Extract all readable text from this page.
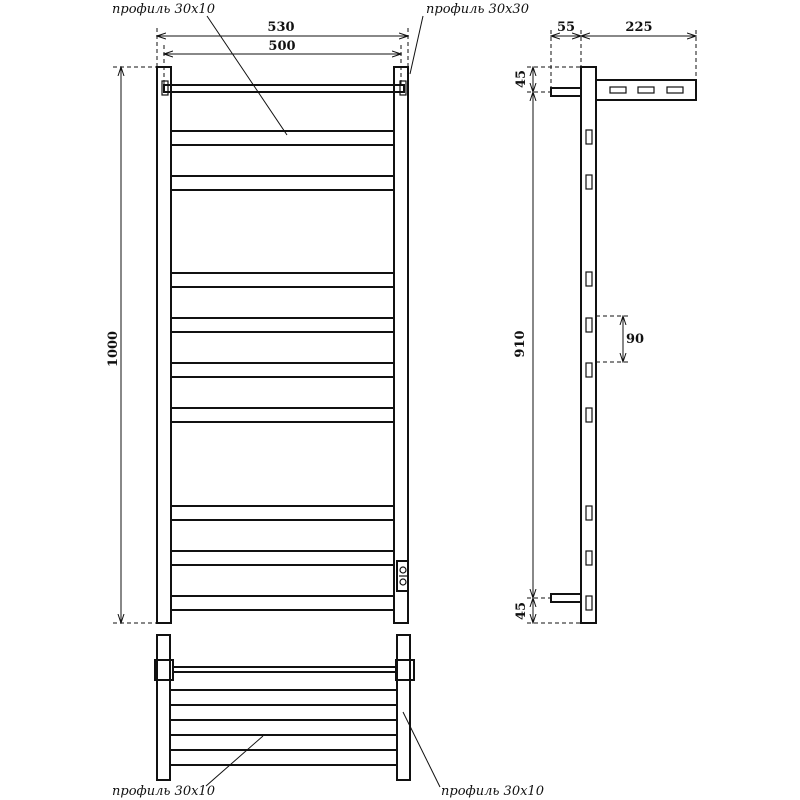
530
500
1000
профиль 30х10	профиль 30х30
профиль 30х10	профиль 30х10
55	225
45
910	90
45
